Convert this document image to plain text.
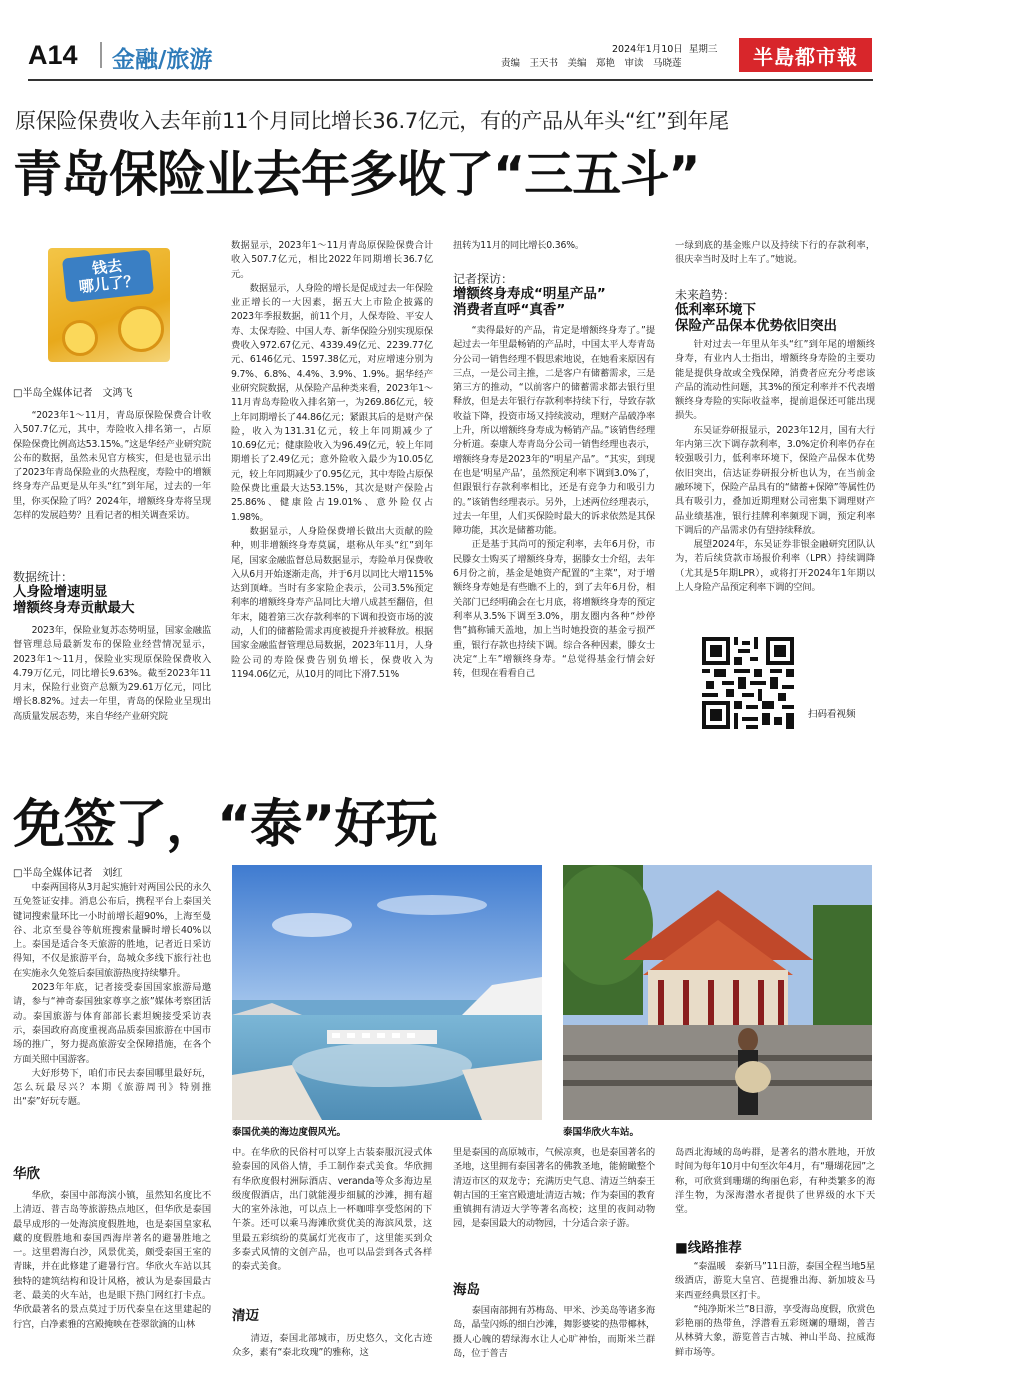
A14 金融/旅游	2024年1月10日 星期三
责编　王天书　美编　郑艳　审读　马晓莲	半島都市報
原保险保费收入去年前11个月同比增长36.7亿元，有的产品从年头“红”到年尾
青岛保险业去年多收了“三五斗”
钱去
哪儿了？
□半岛全媒体记者　文鸿飞

“2023年1～11月，青岛原保险保费合计收入507.7亿元，其中，寿险收入排名第一，占原保险保费比例高达53.15%。”这是华经产业研究院公布的数据，虽然未见官方核实，但是也显示出了2023年青岛保险业的火热程度，寿险中的增额终身寿产品更是从年头“红”到年尾，过去的一年里，你买保险了吗？2024年，增额终身寿将呈现怎样的发展趋势？且看记者的相关调查采访。

数据统计：
人身险增速明显
增额终身寿贡献最大

2023年，保险业复苏态势明显，国家金融监督管理总局最新发布的保险业经营情况显示，2023年1～11月，保险业实现原保险保费收入4.79万亿元，同比增长9.63%。截至2023年11月末，保险行业资产总额为29.61万亿元，同比增长8.82%。过去一年里，青岛的保险业呈现出高质量发展态势，来自华经产业研究院

数据显示，2023年1～11月青岛原保险保费合计收入507.7亿元，相比2022年同期增长36.7亿元。

数据显示，人身险的增长是促成过去一年保险业正增长的一大因素，据五大上市险企披露的2023年季报数据，前11个月，人保寿险、平安人寿、太保寿险、中国人寿、新华保险分别实现原保费收入972.67亿元、4339.49亿元、2239.77亿元、6146亿元、1597.38亿元，对应增速分别为9.7%、6.8%、4.4%、3.9%、1.9%。据华经产业研究院数据，从保险产品种类来看，2023年1～11月青岛寿险收入排名第一，为269.86亿元，较上年同期增长了44.86亿元；紧跟其后的是财产保险，收入为131.31亿元，较上年同期减少了10.69亿元；健康险收入为96.49亿元，较上年同期增长了2.49亿元；意外险收入最少为10.05亿元，较上年同期减少了0.95亿元，其中寿险占原保险保费比重最大达53.15%，其次是财产保险占25.86%、健康险占19.01%、意外险仅占1.98%。

数据显示，人身险保费增长做出大贡献的险种，则非增额终身寿莫属，堪称从年头“红”到年尾，国家金融监督总局数据显示，寿险单月保费收入从6月开始逐渐走高，并于6月以同比大增115%达到顶峰。当时有多家险企表示，公司3.5%预定利率的增额终身寿产品同比大增八成甚至翻倍，但年末，随着第三次存款利率的下调和投资市场的波动，人们的储蓄险需求再度被提升并被释放。根据国家金融监督管理总局数据，2023年11月，人身险公司的寿险保费告别负增长，保费收入为1194.06亿元，从10月的同比下滑7.51%

扭转为11月的同比增长0.36%。

记者探访：
增额终身寿成“明星产品”
消费者直呼“真香”

“卖得最好的产品，肯定是增额终身寿了。”提起过去一年里最畅销的产品时，中国太平人寿青岛分公司一销售经理不假思索地说，在她看来原因有三点，一是公司主推，二是客户有储蓄需求，三是第三方的推动，“以前客户的储蓄需求都去银行里释放，但是去年银行存款利率持续下行，导致存款收益下降，投资市场又持续波动，理财产品破净率上升，所以增额终身寿成为畅销产品。”该销售经理分析道。泰康人寿青岛分公司一销售经理也表示，增额终身寿是2023年的“明星产品”。“其实，到现在也是‘明星产品’，虽然预定利率下调到3.0%了，但跟银行存款利率相比，还是有竞争力和吸引力的。”该销售经理表示。另外，上述两位经理表示，过去一年里，人们买保险时最大的诉求依然是其保障功能，其次是储蓄功能。

正是基于其尚可的预定利率，去年6月份，市民滕女士购买了增额终身寿，据滕女士介绍，去年6月份之前，基金是她资产配置的“主菜”，对于增额终身寿她是有些瞧不上的，到了去年6月份，相关部门已经明确会在七月底，将增额终身寿的预定利率从3.5%下调至3.0%，朋友圈内各种“炒停售”搞称铺天盖地，加上当时她投资的基金亏损严重，银行存款也持续下调。综合各种因素，滕女士决定“上车”增额终身寿。“总觉得基金行情会好转，但现在看看自己

一绿到底的基金账户以及持续下行的存款利率，很庆幸当时及时上车了。”她说。

未来趋势：
低利率环境下
保险产品保本优势依旧突出

针对过去一年里从年头“红”到年尾的增额终身寿，有业内人士指出，增额终身寿险的主要功能是提供身故或全残保障，消费者应充分考虑该产品的流动性问题，其3%的预定利率并不代表增额终身寿险的实际收益率，提前退保还可能出现损失。

东吴证券研报显示，2023年12月，国有大行年内第三次下调存款利率，3.0%定价利率仍存在较强吸引力，低利率环境下，保险产品保本优势依旧突出，信达证券研报分析也认为，在当前金融环境下，保险产品具有的“储蓄+保障”等属性仍具有吸引力，叠加近期理财公司密集下调理财产品业绩基准，银行挂牌利率频现下调，预定利率下调后的产品需求仍有望持续释放。

展望2024年，东吴证券非银金融研究团队认为，若后续贷款市场报价利率（LPR）持续调降（尤其是5年期LPR），或将打开2024年1年期以上人身险产品预定利率下调的空间。

扫码看视频
免签了，“泰”好玩
□半岛全媒体记者　刘红

中泰两国将从3月起实施针对两国公民的永久互免签证安排。消息公布后，携程平台上泰国关键词搜索量环比一小时前增长超90%，上海至曼谷、北京至曼谷等航班搜索量瞬时增长40%以上。泰国是适合冬天旅游的胜地，记者近日采访得知，不仅是旅游平台，岛城众多线下旅行社也在实施永久免签后泰国旅游热度持续攀升。

2023年年底，记者接受泰国国家旅游局邀请，参与“神奇泰国独家尊享之旅”媒体考察团活动。泰国旅游与体育部部长素坦婉接受采访表示，泰国政府高度重视高品质泰国旅游在中国市场的推广，努力提高旅游安全保障措施，在各个方面关照中国游客。

大好形势下，咱们市民去泰国哪里最好玩，怎么玩最尽兴？本期《旅游周刊》特别推出“泰”好玩专题。

华欣

华欣，泰国中部海滨小镇，虽然知名度比不上清迈、普吉岛等旅游热点地区，但华欣是泰国最早成形的一处海滨度假胜地，也是泰国皇家私藏的度假胜地和泰国西海岸著名的避暑胜地之一。这里碧海白沙，风景优美，颇受泰国王室的青睐，并在此修建了避暑行宫。华欣火车站以其独特的建筑结构和设计风格，被认为是泰国最古老、最美的火车站，也是眼下热门网红打卡点。华欣最著名的景点莫过于历代泰皇在这里建起的行宫，白净素雅的宫殿掩映在苍翠欲滴的山林

泰国优美的海边度假风光。	泰国华欣火车站。

中。在华欣的民俗村可以穿上古装泰服沉浸式体验泰国的风俗人情，手工制作泰式美食。华欣拥有华欣度假村洲际酒店、veranda等众多海边星级度假酒店，出门就能漫步细腻的沙滩，拥有超大的室外泳池，可以点上一杯咖啡享受悠闲的下午茶。还可以乘马海滩欣赏优美的海滨风景，这里最五彩缤纷的莫属灯光夜市了，这里能买到众多泰式风情的文创产品，也可以品尝到各式各样的泰式美食。

清迈

清迈，泰国北部城市，历史悠久，文化古迹众多，素有“泰北玫瑰”的雅称，这

里是泰国的高原城市，气候凉爽，也是泰国著名的圣地，这里拥有泰国著名的佛教圣地，能俯瞰整个清迈市区的双龙寺；充满历史气息、清迈兰纳泰王朝古国的王室宫殿遗址清迈古城；作为泰国的教育重镇拥有清迈大学等著名高校；这里的夜间动物园，是泰国最大的动物园，十分适合亲子游。

海岛

泰国南部拥有苏梅岛、甲米、沙美岛等诸多海岛，晶莹闪烁的细白沙滩，舞影婆娑的热带椰林，摄人心魄的碧绿海水让人心旷神怡，而斯米兰群岛，位于普吉

岛西北海域的岛屿群，是著名的潜水胜地，开放时间为每年10月中旬至次年4月，有“珊瑚花园”之称，可欣赏到珊瑚的绚丽色彩，有种类繁多的海洋生物，为深海潜水者提供了世界级的水下天堂。

■线路推荐

“泰温暖　泰新马”11日游，泰国全程当地5星级酒店，游览大皇宫、芭提雅出海、新加坡＆马来西亚经典景区打卡。

“纯净斯米兰”8日游，享受海岛度假，欣赏色彩艳丽的热带鱼，浮潜看五彩斑斓的珊瑚，普吉从林骑大象，游览普吉古城、神山半岛、拉威海鲜市场等。
